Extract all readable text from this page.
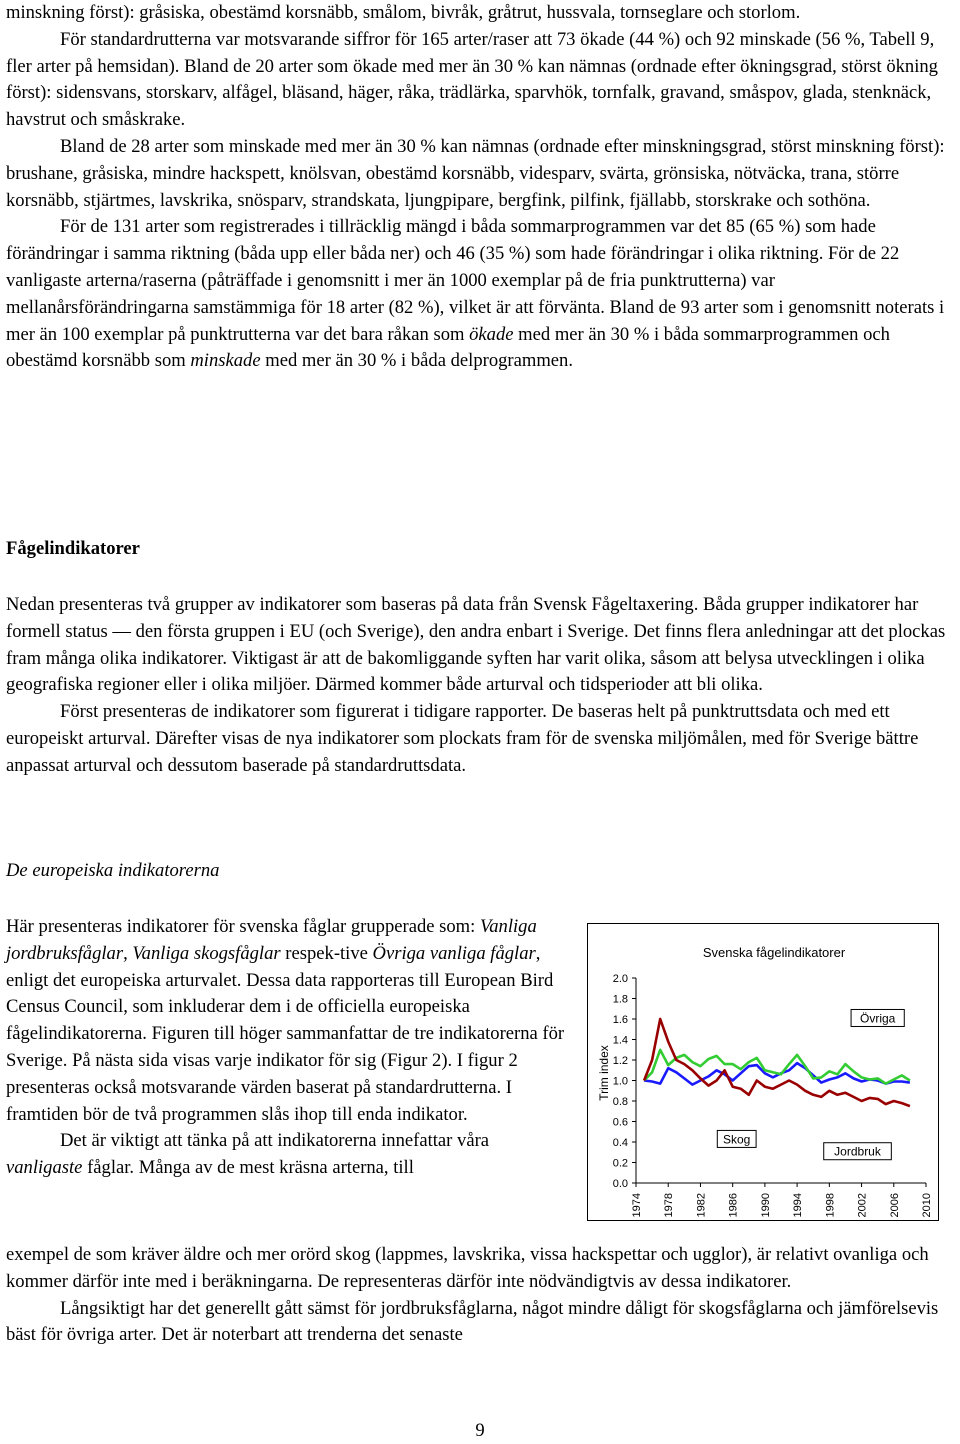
minskning först): gråsiska, obestämd korsnäbb, smålom, bivråk, gråtrut, hussvala, tornseglare och storlom.

För standardrutterna var motsvarande siffror för 165 arter/raser att 73 ökade (44 %) och 92 minskade (56 %, Tabell 9, fler arter på hemsidan). Bland de 20 arter som ökade med mer än 30 % kan nämnas (ordnade efter ökningsgrad, störst ökning först): sidensvans, storskarv, alfågel, bläsand, häger, råka, trädlärka, sparvhök, tornfalk, gravand, småspov, glada, stenknäck, havstrut och småskrake.

Bland de 28 arter som minskade med mer än 30 % kan nämnas (ordnade efter minskningsgrad, störst minskning först): brushane, gråsiska, mindre hackspett, knölsvan, obestämd korsnäbb, videsparv, svärta, grönsiska, nötväcka, trana, större korsnäbb, stjärtmes, lavskrika, snösparv, strandskata, ljungpipare, bergfink, pilfink, fjällabb, storskrake och sothöna.

För de 131 arter som registrerades i tillräcklig mängd i båda sommarprogrammen var det 85 (65 %) som hade förändringar i samma riktning (båda upp eller båda ner) och 46 (35 %) som hade förändringar i olika riktning. För de 22 vanligaste arterna/raserna (påträffade i genomsnitt i mer än 1000 exemplar på de fria punktrutterna) var mellanårsförändringarna samstämmiga för 18 arter (82 %), vilket är att förvänta. Bland de 93 arter som i genomsnitt noterats i mer än 100 exemplar på punktrutterna var det bara råkan som ökade med mer än 30 % i båda sommarprogrammen och obestämd korsnäbb som minskade med mer än 30 % i båda delprogrammen.

Fågelindikatorer

Nedan presenteras två grupper av indikatorer som baseras på data från Svensk Fågeltaxering. Båda grupper indikatorer har formell status — den första gruppen i EU (och Sverige), den andra enbart i Sverige. Det finns flera anledningar att det plockas fram många olika indikatorer. Viktigast är att de bakomliggande syften har varit olika, såsom att belysa utvecklingen i olika geografiska regioner eller i olika miljöer. Därmed kommer både arturval och tidsperioder att bli olika.

Först presenteras de indikatorer som figurerat i tidigare rapporter. De baseras helt på punktruttsdata och med ett europeiskt arturval. Därefter visas de nya indikatorer som plockats fram för de svenska miljömålen, med för Sverige bättre anpassat arturval och dessutom baserade på standardruttsdata.

De europeiska indikatorerna

Här presenteras indikatorer för svenska fåglar grupperade som: Vanliga jordbruksfåglar, Vanliga skogsfåglar respek-tive Övriga vanliga fåglar, enligt det europeiska arturvalet. Dessa data rapporteras till European Bird Census Council, som inkluderar dem i de officiella europeiska fågelindikatorerna. Figuren till höger sammanfattar de tre indikatorerna för Sverige. På nästa sida visas varje indikator för sig (Figur 2). I figur 2 presenteras också motsvarande värden baserat på standardrutterna. I framtiden bör de två programmen slås ihop till enda indikator.

Det är viktigt att tänka på att indikatorerna innefattar våra vanligaste fåglar. Många av de mest kräsna arterna, till

Svenska fågelindikatorer
Trim index
2.0
1.8
1.6
1.4
1.2
1.0
0.8
0.6
0.4
0.2
0.0
1974 1978 1982 1986 1990 1994 1998 2002 2006 2010
Övriga
Skog
Jordbruk

exempel de som kräver äldre och mer orörd skog (lappmes, lavskrika, vissa hackspettar och ugglor), är relativt ovanliga och kommer därför inte med i beräkningarna. De representeras därför inte nödvändigtvis av dessa indikatorer.

Långsiktigt har det generellt gått sämst för jordbruksfåglarna, något mindre dåligt för skogsfåglarna och jämförelsevis bäst för övriga arter. Det är noterbart att trenderna det senaste

9
